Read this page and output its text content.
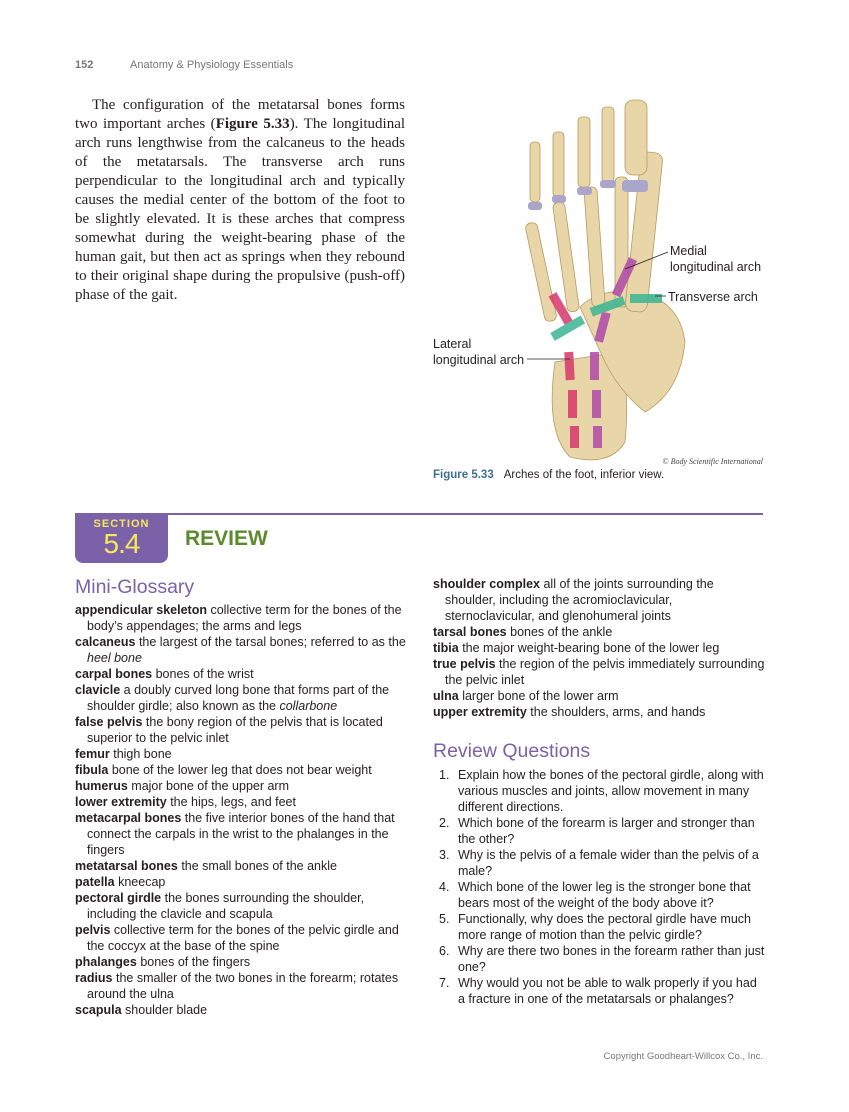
152	Anatomy & Physiology Essentials

The configuration of the metatarsal bones forms two important arches (Figure 5.33). The longitudinal arch runs lengthwise from the calcaneus to the heads of the metatarsals. The transverse arch runs perpendicular to the longitudinal arch and typically causes the medial center of the bottom of the foot to be slightly elevated. It is these arches that compress somewhat during the weight-bearing phase of the human gait, but then act as springs when they rebound to their original shape during the propulsive (push-off) phase of the gait.

Medial
longitudinal arch
Transverse arch
Lateral
longitudinal arch
© Body Scientific International
Figure 5.33 Arches of the foot, inferior view.
SECTION
5.4	REVIEW
Mini-Glossary
appendicular skeleton collective term for the bones of the body’s appendages; the arms and legs
calcaneus the largest of the tarsal bones; referred to as the heel bone
carpal bones bones of the wrist
clavicle a doubly curved long bone that forms part of the shoulder girdle; also known as the collarbone
false pelvis the bony region of the pelvis that is located superior to the pelvic inlet
femur thigh bone
fibula bone of the lower leg that does not bear weight
humerus major bone of the upper arm
lower extremity the hips, legs, and feet
metacarpal bones the five interior bones of the hand that connect the carpals in the wrist to the phalanges in the fingers
metatarsal bones the small bones of the ankle
patella kneecap
pectoral girdle the bones surrounding the shoulder, including the clavicle and scapula
pelvis collective term for the bones of the pelvic girdle and the coccyx at the base of the spine
phalanges bones of the fingers
radius the smaller of the two bones in the forearm; rotates around the ulna
scapula shoulder blade
shoulder complex all of the joints surrounding the shoulder, including the acromioclavicular, sternoclavicular, and glenohumeral joints
tarsal bones bones of the ankle
tibia the major weight-bearing bone of the lower leg
true pelvis the region of the pelvis immediately surrounding the pelvic inlet
ulna larger bone of the lower arm
upper extremity the shoulders, arms, and hands
Review Questions
1. Explain how the bones of the pectoral girdle, along with various muscles and joints, allow movement in many different directions.
2. Which bone of the forearm is larger and stronger than the other?
3. Why is the pelvis of a female wider than the pelvis of a male?
4. Which bone of the lower leg is the stronger bone that bears most of the weight of the body above it?
5. Functionally, why does the pectoral girdle have much more range of motion than the pelvic girdle?
6. Why are there two bones in the forearm rather than just one?
7. Why would you not be able to walk properly if you had a fracture in one of the metatarsals or phalanges?
Copyright Goodheart-Willcox Co., Inc.
